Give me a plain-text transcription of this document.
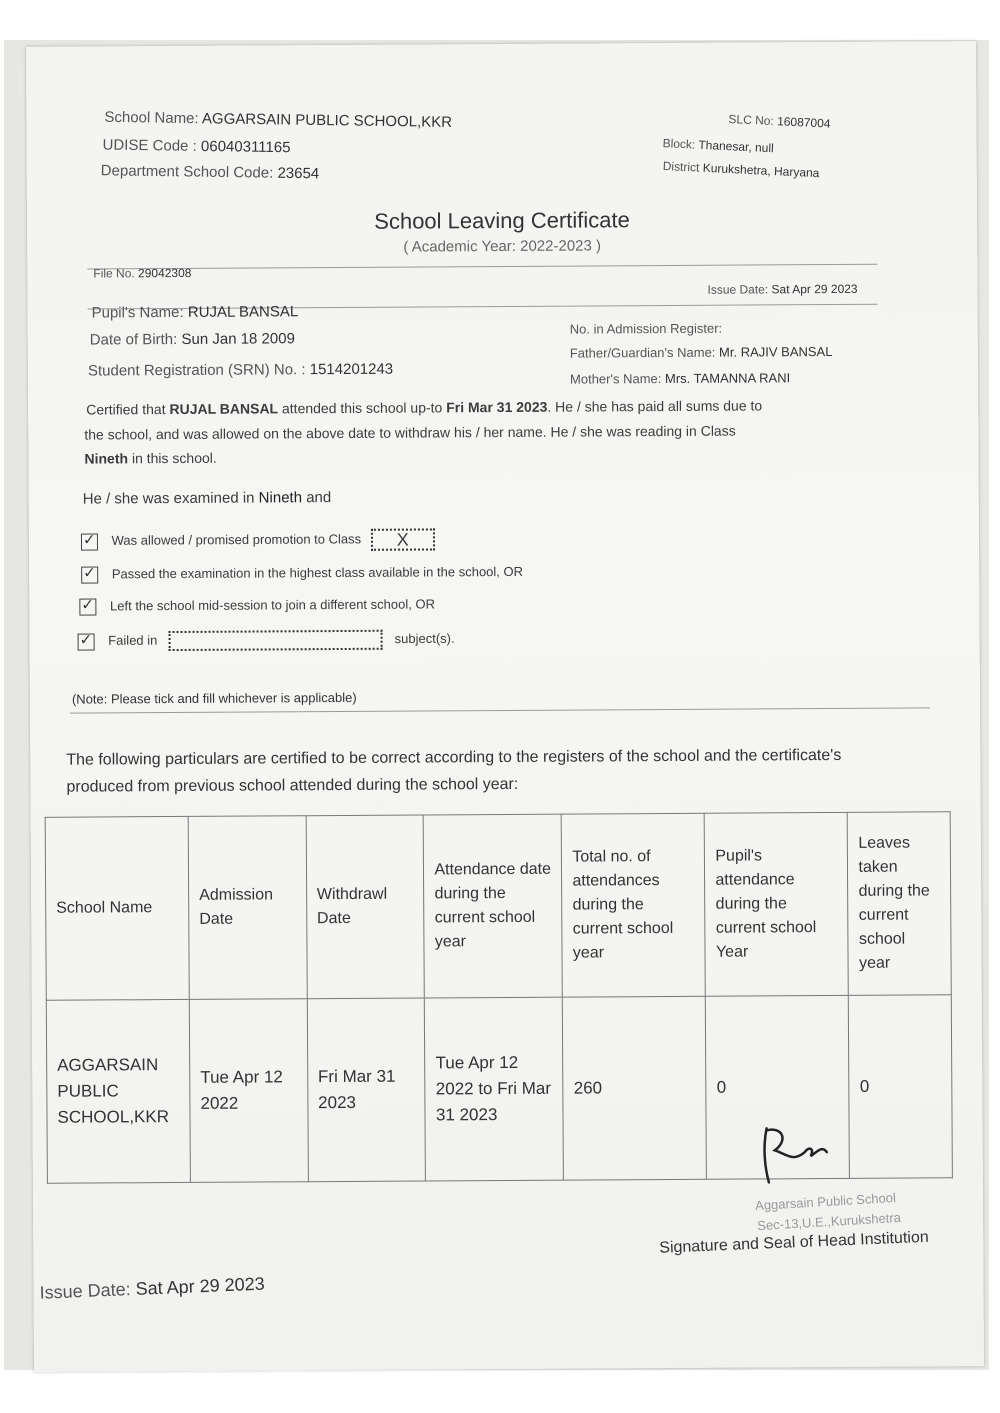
School Name: AGGARSAIN PUBLIC SCHOOL,KKR
UDISE Code : 06040311165
Department School Code: 23654
SLC No: 16087004
Block: Thanesar, null
District Kurukshetra, Haryana
School Leaving Certificate
( Academic Year: 2022-2023 )
File No. 29042308
Issue Date: Sat Apr 29 2023
Pupil's Name: RUJAL BANSAL
Date of Birth: Sun Jan 18 2009
Student Registration (SRN) No. : 1514201243
No. in Admission Register:
Father/Guardian's Name: Mr. RAJIV BANSAL
Mother's Name: Mrs. TAMANNA RANI
Certified that RUJAL BANSAL attended this school up-to Fri Mar 31 2023. He / she has paid all sums due to
the school, and was allowed on the above date to withdraw his / her name. He / she was reading in Class
Nineth in this school.
He / she was examined in Nineth and
✓ Was allowed / promised promotion to Class X
✓ Passed the examination in the highest class available in the school, OR
✓ Left the school mid-session to join a different school, OR
✓ Failed in	subject(s).
(Note: Please tick and fill whichever is applicable)
The following particulars are certified to be correct according to the registers of the school and the certificate's produced from previous school attended during the school year:
School Name	Admission Date	Withdrawl Date	Attendance date during the current school year	Total no. of attendances during the current school year	Pupil's attendance during the current school Year	Leaves taken during the current school year
AGGARSAIN PUBLIC SCHOOL,KKR	Tue Apr 12 2022	Fri Mar 31 2023	Tue Apr 12 2022 to Fri Mar 31 2023	260	0	0
Aggarsain Public School
Sec-13,U.E.,Kurukshetra
Signature and Seal of Head Institution
Issue Date: Sat Apr 29 2023
